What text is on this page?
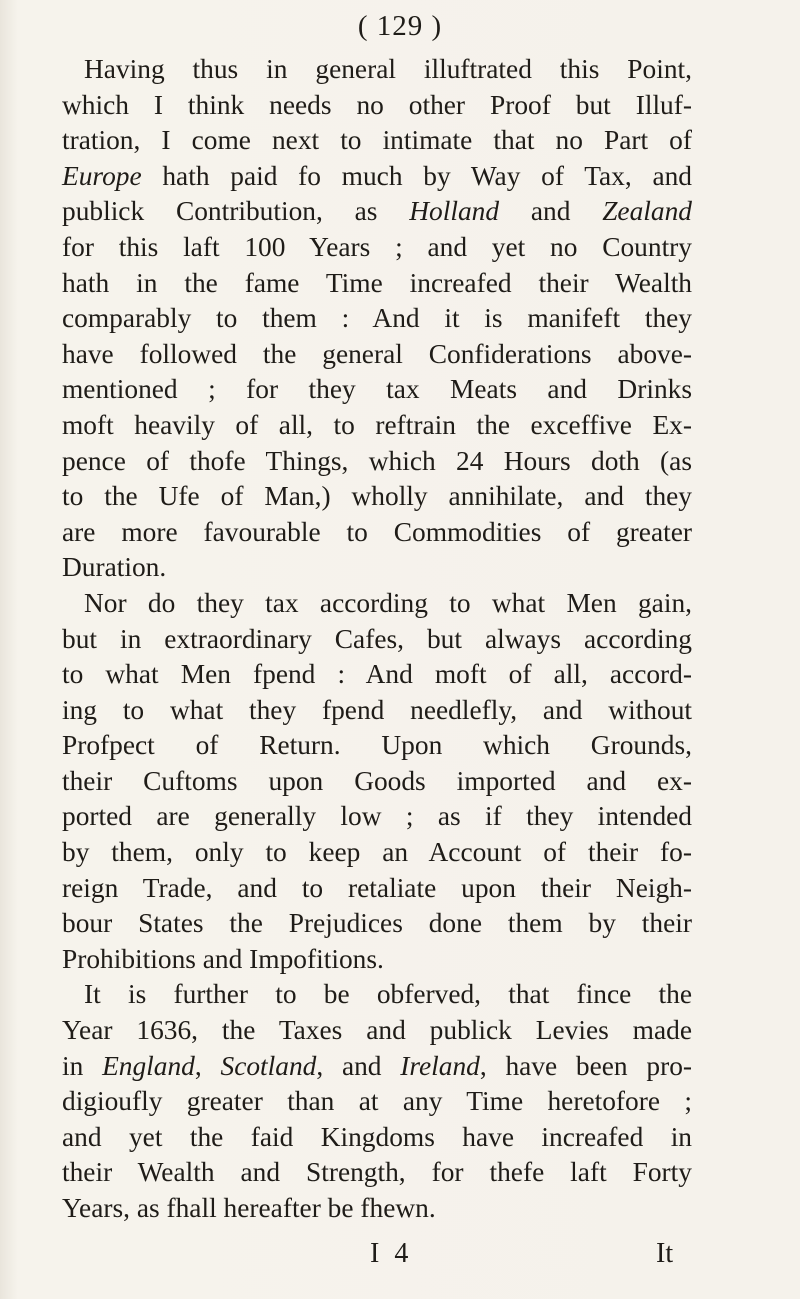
( 129 )
Having thus in general illuftrated this Point,
which I think needs no other Proof but Illuf-
tration, I come next to intimate that no Part of
Europe hath paid fo much by Way of Tax, and
publick Contribution, as Holland and Zealand
for this laft 100 Years ; and yet no Country
hath in the fame Time increafed their Wealth
comparably to them : And it is manifeft they
have followed the general Confiderations above-
mentioned ; for they tax Meats and Drinks
moft heavily of all, to reftrain the exceffive Ex-
pence of thofe Things, which 24 Hours doth (as
to the Ufe of Man,) wholly annihilate, and they
are more favourable to Commodities of greater
Duration.
Nor do they tax according to what Men gain,
but in extraordinary Cafes, but always according
to what Men fpend : And moft of all, accord-
ing to what they fpend needlefly, and without
Profpect of Return. Upon which Grounds,
their Cuftoms upon Goods imported and ex-
ported are generally low ; as if they intended
by them, only to keep an Account of their fo-
reign Trade, and to retaliate upon their Neigh-
bour States the Prejudices done them by their
Prohibitions and Impofitions.
It is further to be obferved, that fince the
Year 1636, the Taxes and publick Levies made
in England, Scotland, and Ireland, have been pro-
digioufly greater than at any Time heretofore ;
and yet the faid Kingdoms have increafed in
their Wealth and Strength, for thefe laft Forty
Years, as fhall hereafter be fhewn.
I 4	It
